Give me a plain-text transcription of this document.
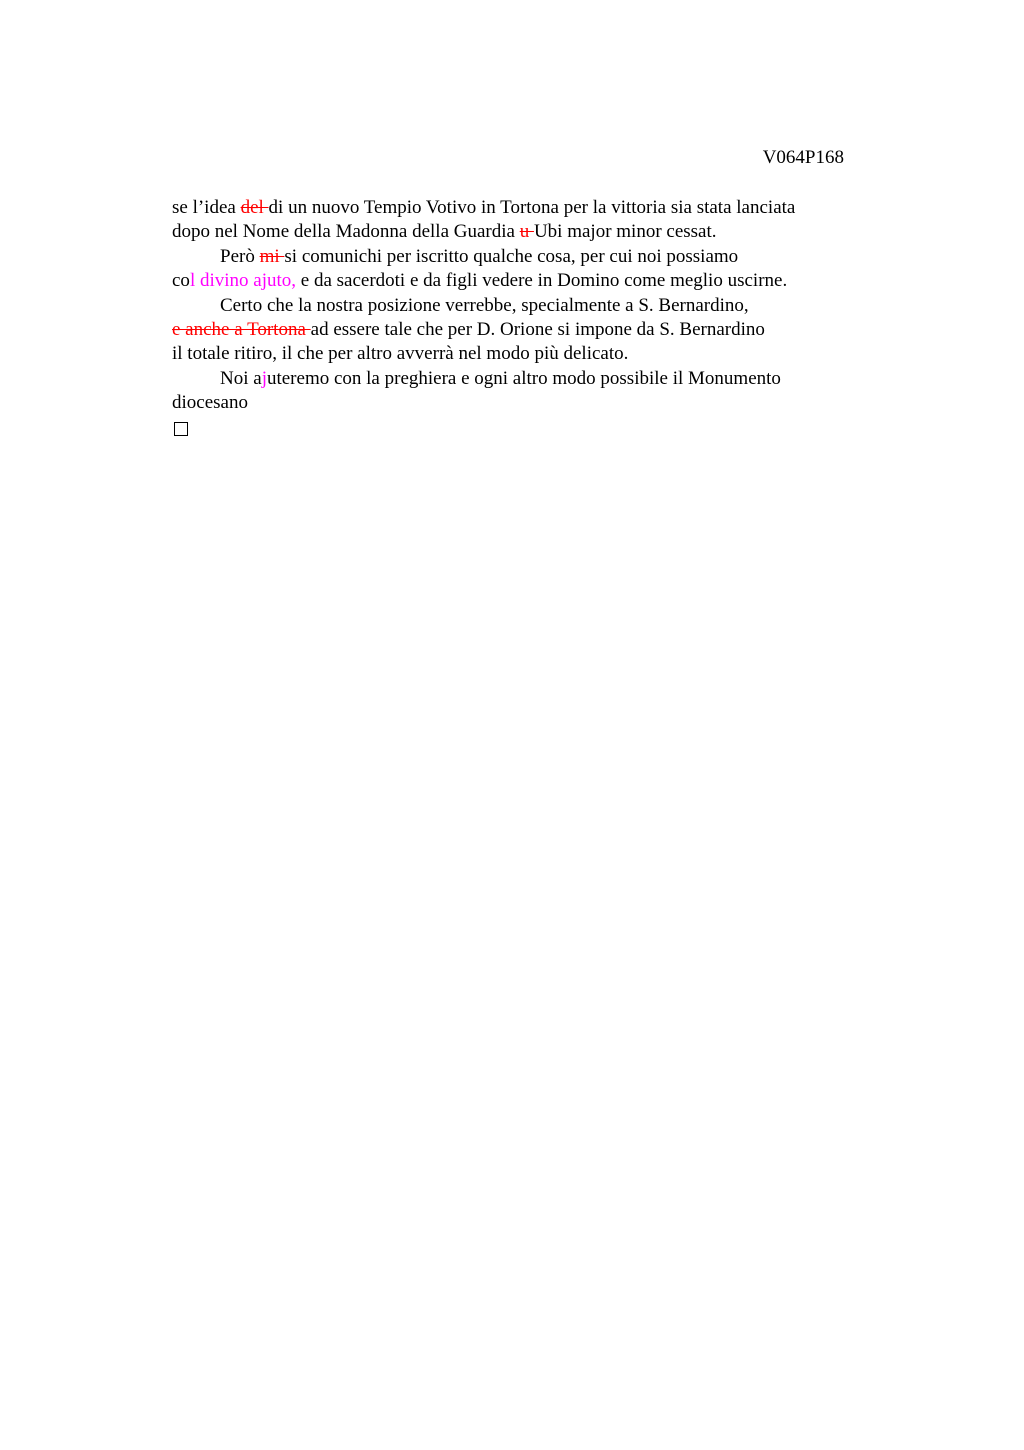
V064P168
se l’idea del di un nuovo Tempio Votivo in Tortona per la vittoria sia stata lanciata
dopo nel Nome della Madonna della Guardia u Ubi major minor cessat.
Però mi si comunichi per iscritto qualche cosa, per cui noi possiamo
col divino ajuto, e da sacerdoti e da figli vedere in Domino come meglio uscirne.
Certo che la nostra posizione verrebbe, specialmente a S. Bernardino,
e anche a Tortona ad essere tale che per D. Orione si impone da S. Bernardino
il totale ritiro, il che per altro avverrà nel modo più delicato.
Noi ajuteremo con la preghiera e ogni altro modo possibile il Monumento
diocesano
